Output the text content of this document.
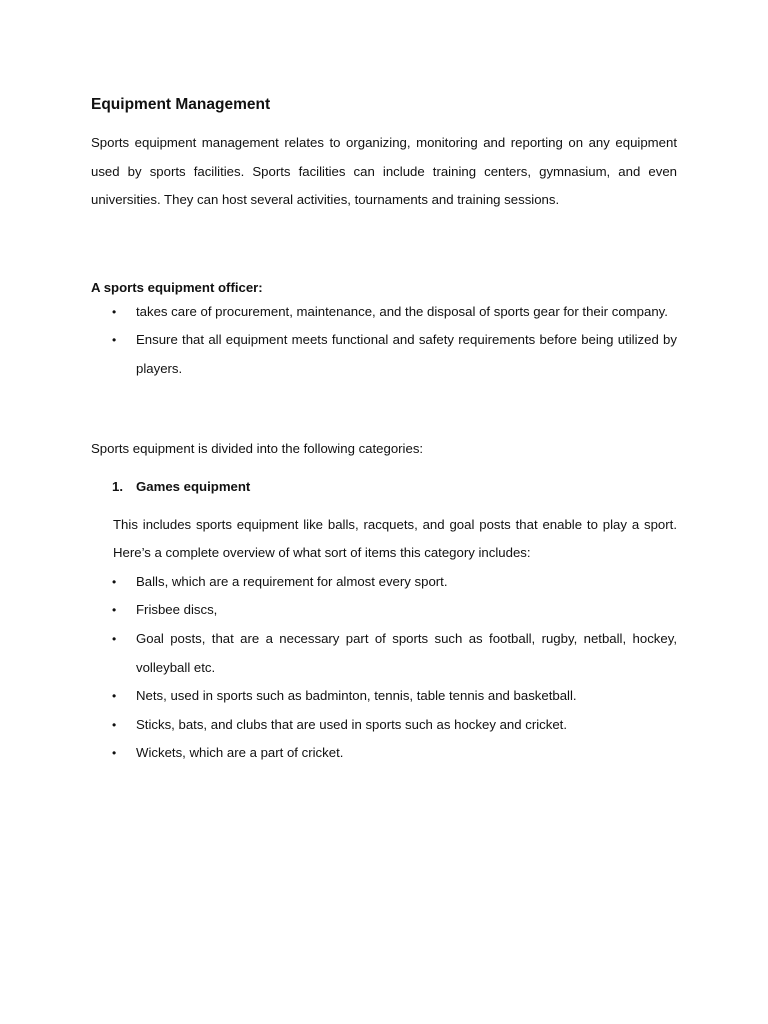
Equipment Management

Sports equipment management relates to organizing, monitoring and reporting on any equipment used by sports facilities. Sports facilities can include training centers, gymnasium, and even universities. They can host several activities, tournaments and training sessions.

A sports equipment officer:

• takes care of procurement, maintenance, and the disposal of sports gear for their company.
• Ensure that all equipment meets functional and safety requirements before being utilized by players.

Sports equipment is divided into the following categories:

1. Games equipment

This includes sports equipment like balls, racquets, and goal posts that enable to play a sport. Here’s a complete overview of what sort of items this category includes:

• Balls, which are a requirement for almost every sport.
• Frisbee discs,
• Goal posts, that are a necessary part of sports such as football, rugby, netball, hockey, volleyball etc.
• Nets, used in sports such as badminton, tennis, table tennis and basketball.
• Sticks, bats, and clubs that are used in sports such as hockey and cricket.
• Wickets, which are a part of cricket.
